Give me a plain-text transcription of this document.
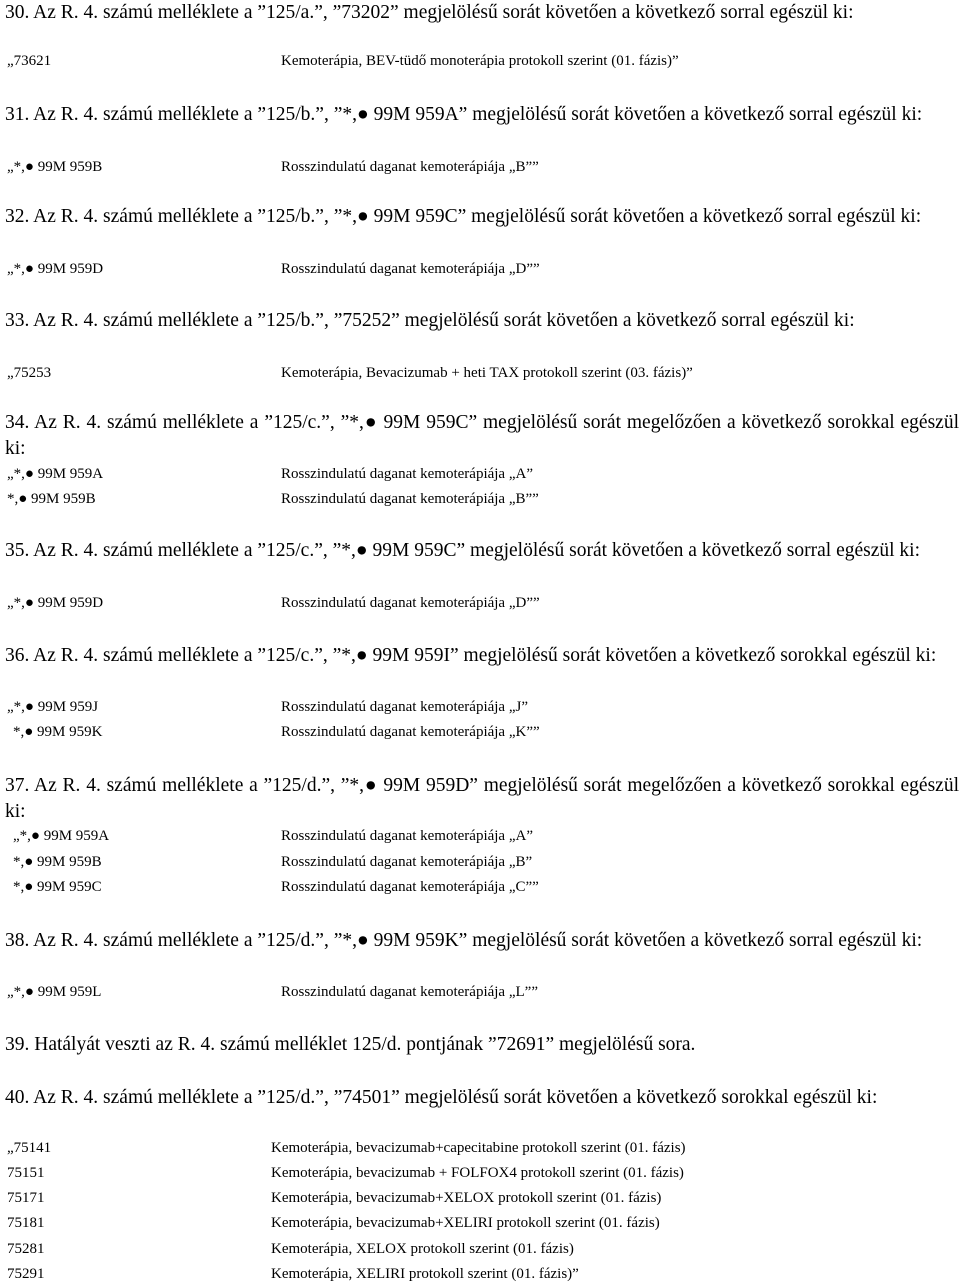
30. Az R. 4. számú melléklete a ”125/a.”, ”73202” megjelölésű sorát követően a következő sorral egészül ki:

„73621	Kemoterápia, BEV-tüdő monoterápia protokoll szerint (01. fázis)”

31. Az R. 4. számú melléklete a ”125/b.”, ”*,● 99M 959A” megjelölésű sorát követően a következő sorral egészül ki:

„*,● 99M 959B	Rosszindulatú daganat kemoterápiája „B””

32. Az R. 4. számú melléklete a ”125/b.”, ”*,● 99M 959C” megjelölésű sorát követően a következő sorral egészül ki:

„*,● 99M 959D	Rosszindulatú daganat kemoterápiája „D””

33. Az R. 4. számú melléklete a ”125/b.”, ”75252” megjelölésű sorát követően a következő sorral egészül ki:

„75253	Kemoterápia, Bevacizumab + heti TAX protokoll szerint (03. fázis)”

34. Az R. 4. számú melléklete a ”125/c.”, ”*,● 99M 959C” megjelölésű sorát megelőzően a következő sorokkal egészül ki:

„*,● 99M 959A	Rosszindulatú daganat kemoterápiája „A”
*,● 99M 959B	Rosszindulatú daganat kemoterápiája „B””

35. Az R. 4. számú melléklete a ”125/c.”, ”*,● 99M 959C” megjelölésű sorát követően a következő sorral egészül ki:

„*,● 99M 959D	Rosszindulatú daganat kemoterápiája „D””

36. Az R. 4. számú melléklete a ”125/c.”, ”*,● 99M 959I” megjelölésű sorát követően a következő sorokkal egészül ki:

„*,● 99M 959J	Rosszindulatú daganat kemoterápiája „J”
*,● 99M 959K	Rosszindulatú daganat kemoterápiája „K””

37. Az R. 4. számú melléklete a ”125/d.”, ”*,● 99M 959D” megjelölésű sorát megelőzően a következő sorokkal egészül ki:

„*,● 99M 959A	Rosszindulatú daganat kemoterápiája „A”
*,● 99M 959B	Rosszindulatú daganat kemoterápiája „B”
*,● 99M 959C	Rosszindulatú daganat kemoterápiája „C””

38. Az R. 4. számú melléklete a ”125/d.”, ”*,● 99M 959K” megjelölésű sorát követően a következő sorral egészül ki:

„*,● 99M 959L	Rosszindulatú daganat kemoterápiája „L””

39. Hatályát veszti az R. 4. számú melléklet 125/d. pontjának ”72691” megjelölésű sora.

40. Az R. 4. számú melléklete a ”125/d.”, ”74501” megjelölésű sorát követően a következő sorokkal egészül ki:

„75141	Kemoterápia, bevacizumab+capecitabine protokoll szerint (01. fázis)
75151	Kemoterápia, bevacizumab + FOLFOX4 protokoll szerint (01. fázis)
75171	Kemoterápia, bevacizumab+XELOX protokoll szerint (01. fázis)
75181	Kemoterápia, bevacizumab+XELIRI protokoll szerint (01. fázis)
75281	Kemoterápia, XELOX protokoll szerint (01. fázis)
75291	Kemoterápia, XELIRI protokoll szerint (01. fázis)”
